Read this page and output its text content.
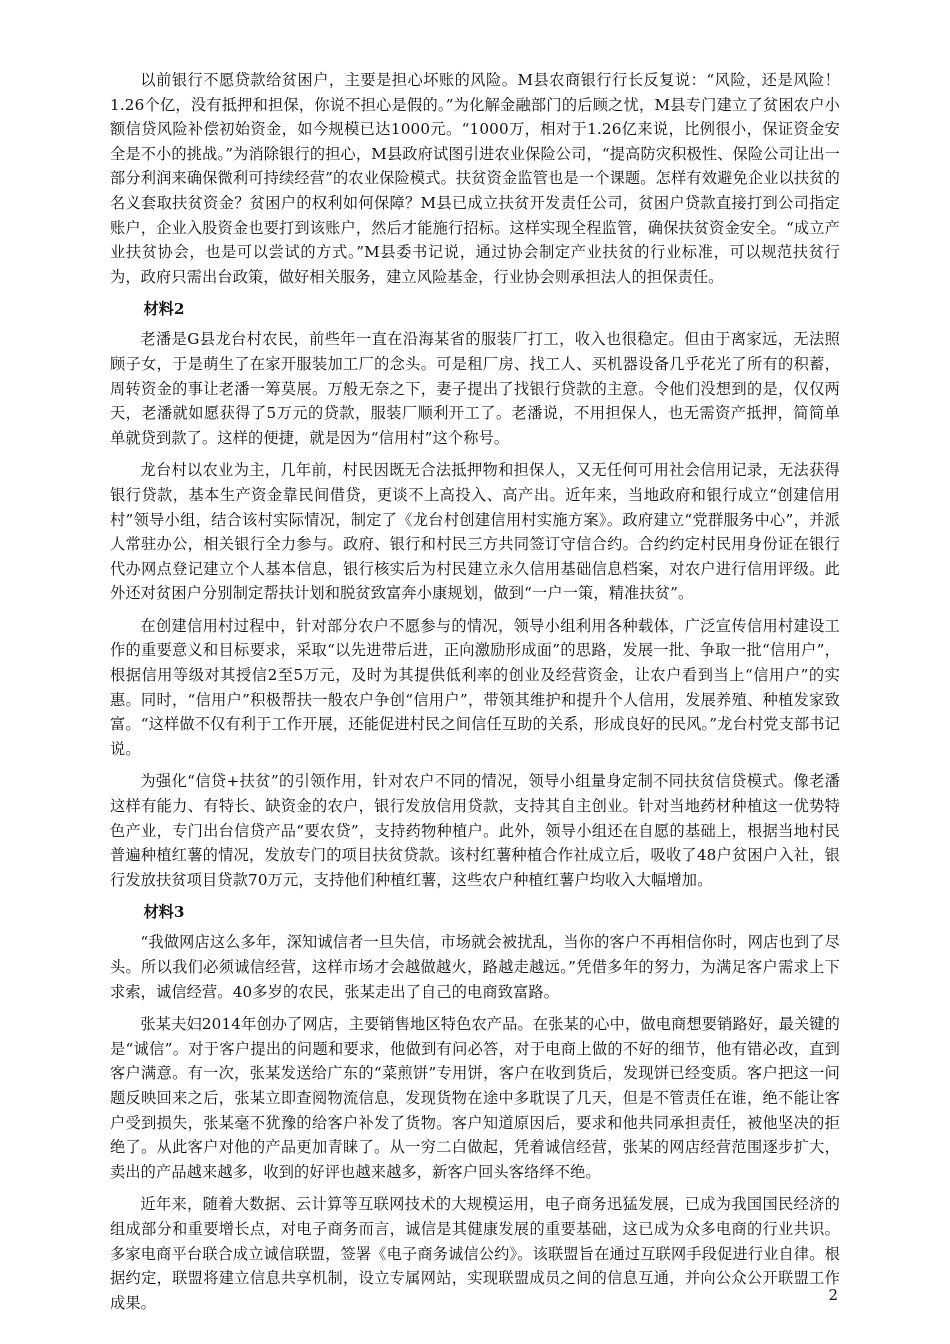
以前银行不愿贷款给贫困户，主要是担心坏账的风险。M县农商银行行长反复说：“风险，还是风险！1.26个亿，没有抵押和担保，你说不担心是假的。”为化解金融部门的后顾之忧，M县专门建立了贫困农户小额信贷风险补偿初始资金，如今规模已达1000元。“1000万，相对于1.26亿来说，比例很小，保证资金安全是不小的挑战。”为消除银行的担心，M县政府试图引进农业保险公司，“提高防灾积极性、保险公司让出一部分利润来确保微利可持续经营”的农业保险模式。扶贫资金监管也是一个课题。怎样有效避免企业以扶贫的名义套取扶贫资金？贫困户的权利如何保障？M县已成立扶贫开发责任公司，贫困户贷款直接打到公司指定账户，企业入股资金也要打到该账户，然后才能施行招标。这样实现全程监管，确保扶贫资金安全。“成立产业扶贫协会，也是可以尝试的方式。”M县委书记说，通过协会制定产业扶贫的行业标准，可以规范扶贫行为，政府只需出台政策，做好相关服务，建立风险基金，行业协会则承担法人的担保责任。

材料2

老潘是G县龙台村农民，前些年一直在沿海某省的服装厂打工，收入也很稳定。但由于离家远，无法照顾子女，于是萌生了在家开服装加工厂的念头。可是租厂房、找工人、买机器设备几乎花光了所有的积蓄，周转资金的事让老潘一筹莫展。万般无奈之下，妻子提出了找银行贷款的主意。令他们没想到的是，仅仅两天，老潘就如愿获得了5万元的贷款，服装厂顺利开工了。老潘说，不用担保人，也无需资产抵押，简简单单就贷到款了。这样的便捷，就是因为“信用村”这个称号。

龙台村以农业为主，几年前，村民因既无合法抵押物和担保人，又无任何可用社会信用记录，无法获得银行贷款，基本生产资金靠民间借贷，更谈不上高投入、高产出。近年来，当地政府和银行成立“创建信用村”领导小组，结合该村实际情况，制定了《龙台村创建信用村实施方案》。政府建立“党群服务中心”，并派人常驻办公，相关银行全力参与。政府、银行和村民三方共同签订守信合约。合约约定村民用身份证在银行代办网点登记建立个人基本信息，银行核实后为村民建立永久信用基础信息档案，对农户进行信用评级。此外还对贫困户分别制定帮扶计划和脱贫致富奔小康规划，做到“一户一策，精准扶贫”。

在创建信用村过程中，针对部分农户不愿参与的情况，领导小组利用各种载体，广泛宣传信用村建设工作的重要意义和目标要求，采取“以先进带后进，正向激励形成面”的思路，发展一批、争取一批“信用户”，根据信用等级对其授信2至5万元，及时为其提供低利率的创业及经营资金，让农户看到当上“信用户”的实惠。同时，“信用户”积极帮扶一般农户争创“信用户”，带领其维护和提升个人信用，发展养殖、种植发家致富。“这样做不仅有利于工作开展，还能促进村民之间信任互助的关系，形成良好的民风。”龙台村党支部书记说。

为强化“信贷+扶贫”的引领作用，针对农户不同的情况，领导小组量身定制不同扶贫信贷模式。像老潘这样有能力、有特长、缺资金的农户，银行发放信用贷款，支持其自主创业。针对当地药材种植这一优势特色产业，专门出台信贷产品“要农贷”，支持药物种植户。此外，领导小组还在自愿的基础上，根据当地村民普遍种植红薯的情况，发放专门的项目扶贫贷款。该村红薯种植合作社成立后，吸收了48户贫困户入社，银行发放扶贫项目贷款70万元，支持他们种植红薯，这些农户种植红薯户均收入大幅增加。

材料3

“我做网店这么多年，深知诚信者一旦失信，市场就会被扰乱，当你的客户不再相信你时，网店也到了尽头。所以我们必须诚信经营，这样市场才会越做越火，路越走越远。”凭借多年的努力，为满足客户需求上下求索，诚信经营。40多岁的农民，张某走出了自己的电商致富路。

张某夫妇2014年创办了网店，主要销售地区特色农产品。在张某的心中，做电商想要销路好，最关键的是“诚信”。对于客户提出的问题和要求，他做到有问必答，对于电商上做的不好的细节，他有错必改，直到客户满意。有一次，张某发送给广东的“菜煎饼”专用饼，客户在收到货后，发现饼已经变质。客户把这一问题反映回来之后，张某立即查阅物流信息，发现货物在途中多耽误了几天，但是不管责任在谁，绝不能让客户受到损失，张某毫不犹豫的给客户补发了货物。客户知道原因后，要求和他共同承担责任，被他坚决的拒绝了。从此客户对他的产品更加青睐了。从一穷二白做起，凭着诚信经营，张某的网店经营范围逐步扩大，卖出的产品越来越多，收到的好评也越来越多，新客户回头客络绎不绝。

近年来，随着大数据、云计算等互联网技术的大规模运用，电子商务迅猛发展，已成为我国国民经济的组成部分和重要增长点，对电子商务而言，诚信是其健康发展的重要基础，这已成为众多电商的行业共识。多家电商平台联合成立诚信联盟，签署《电子商务诚信公约》。该联盟旨在通过互联网手段促进行业自律。根据约定，联盟将建立信息共享机制，设立专属网站，实现联盟成员之间的信息互通，并向公众公开联盟工作成果。	2
